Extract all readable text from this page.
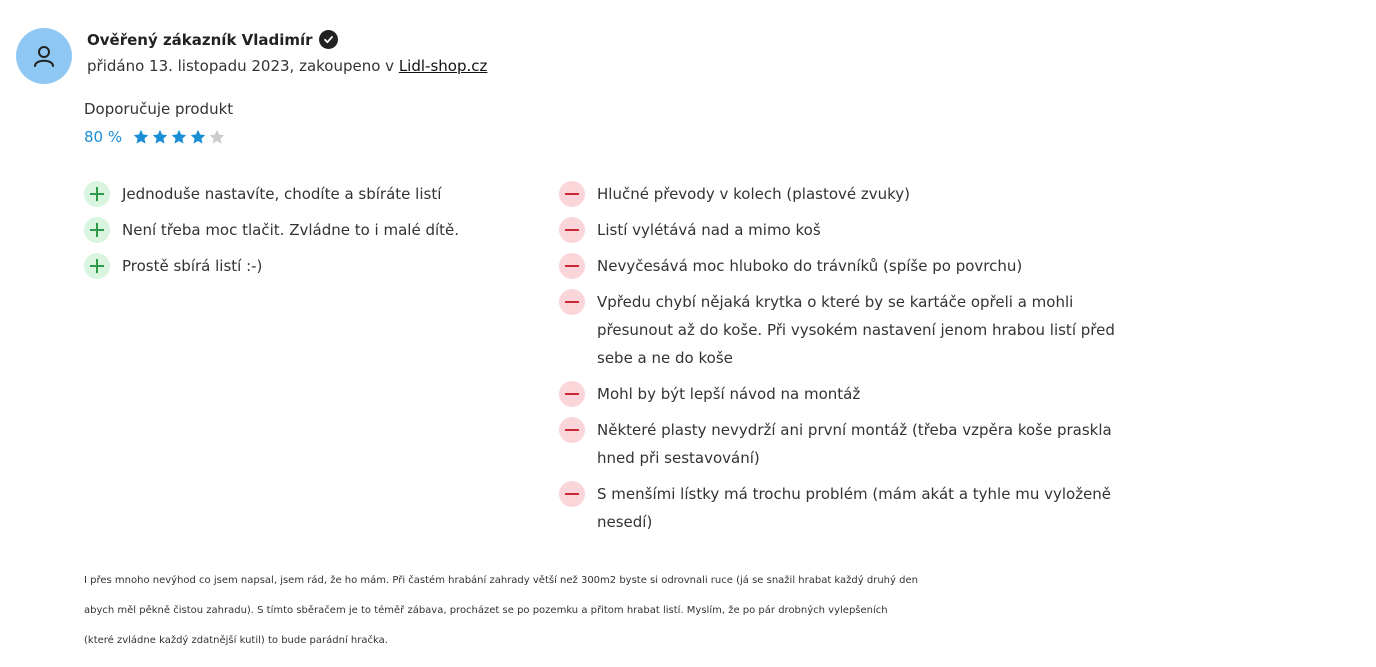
Ověřený zákazník Vladimír
přidáno 13. listopadu 2023, zakoupeno v Lidl-shop.cz
Doporučuje produkt
80 %
Jednoduše nastavíte, chodíte a sbíráte listí
Není třeba moc tlačit. Zvládne to i malé dítě.
Prostě sbírá listí :-)
Hlučné převody v kolech (plastové zvuky)
Listí vylétává nad a mimo koš
Nevyčesává moc hluboko do trávníků (spíše po povrchu)
Vpředu chybí nějaká krytka o které by se kartáče opřeli a mohli
přesunout až do koše. Při vysokém nastavení jenom hrabou listí před
sebe a ne do koše
Mohl by být lepší návod na montáž
Některé plasty nevydrží ani první montáž (třeba vzpěra koše praskla
hned při sestavování)
S menšími lístky má trochu problém (mám akát a tyhle mu vyloženě
nesedí)
I přes mnoho nevýhod co jsem napsal, jsem rád, že ho mám. Při častém hrabání zahrady větší než 300m2 byste si odrovnali ruce (já se snažil hrabat každý druhý den
abych měl pěkně čistou zahradu). S tímto sběračem je to téměř zábava, procházet se po pozemku a přitom hrabat listí. Myslím, že po pár drobných vylepšeních
(které zvládne každý zdatnější kutil) to bude parádní hračka.
